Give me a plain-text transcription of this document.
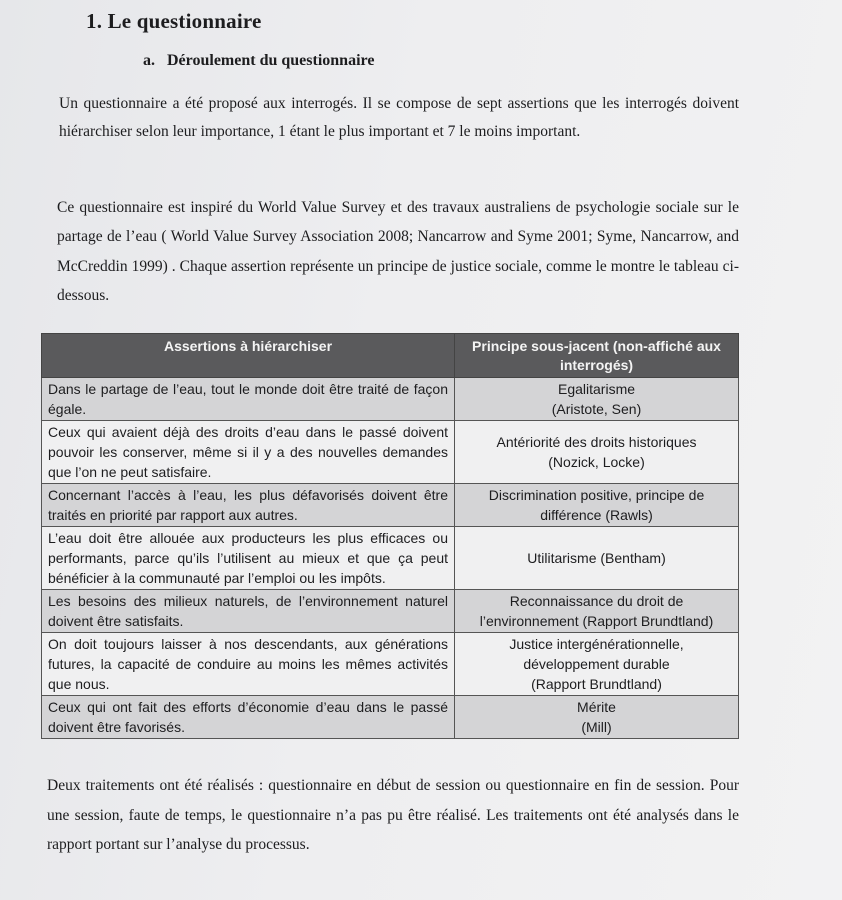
1. Le questionnaire
a.   Déroulement du questionnaire

Un questionnaire a été proposé aux interrogés. Il se compose de sept assertions que les interrogés doivent hiérarchiser selon leur importance, 1 étant le plus important et 7 le moins important.

Ce questionnaire est inspiré du World Value Survey et des travaux australiens de psychologie sociale sur le partage de l’eau ( World Value Survey Association 2008; Nancarrow and Syme 2001; Syme, Nancarrow, and McCreddin 1999) . Chaque assertion représente un principe de justice sociale, comme le montre le tableau ci-dessous.

Assertions à hiérarchiser	Principe sous-jacent (non-affiché aux interrogés)
Dans le partage de l’eau, tout le monde doit être traité de façon égale.	Egalitarisme
(Aristote, Sen)

Ceux qui avaient déjà des droits d’eau dans le passé doivent pouvoir les conserver, même si il y a des nouvelles demandes que l’on ne peut satisfaire.	Antériorité des droits historiques
(Nozick, Locke)

Concernant l’accès à l’eau, les plus défavorisés doivent être traités en priorité par rapport aux autres.	Discrimination positive, principe de
différence (Rawls)

L’eau doit être allouée aux producteurs les plus efficaces ou performants, parce qu’ils l’utilisent au mieux et que ça peut bénéficier à la communauté par l’emploi ou les impôts.	Utilitarisme (Bentham)

Les besoins des milieux naturels, de l’environnement naturel doivent être satisfaits.	Reconnaissance du droit de
l’environnement (Rapport Brundtland)

On doit toujours laisser à nos descendants, aux générations futures, la capacité de conduire au moins les mêmes activités que nous.	Justice intergénérationnelle,
développement durable
(Rapport Brundtland)

Ceux qui ont fait des efforts d’économie d’eau dans le passé doivent être favorisés.	Mérite
(Mill)

Deux traitements ont été réalisés : questionnaire en début de session ou questionnaire en fin de session. Pour une session, faute de temps, le questionnaire n’a pas pu être réalisé. Les traitements ont été analysés dans le rapport portant sur l’analyse du processus.
